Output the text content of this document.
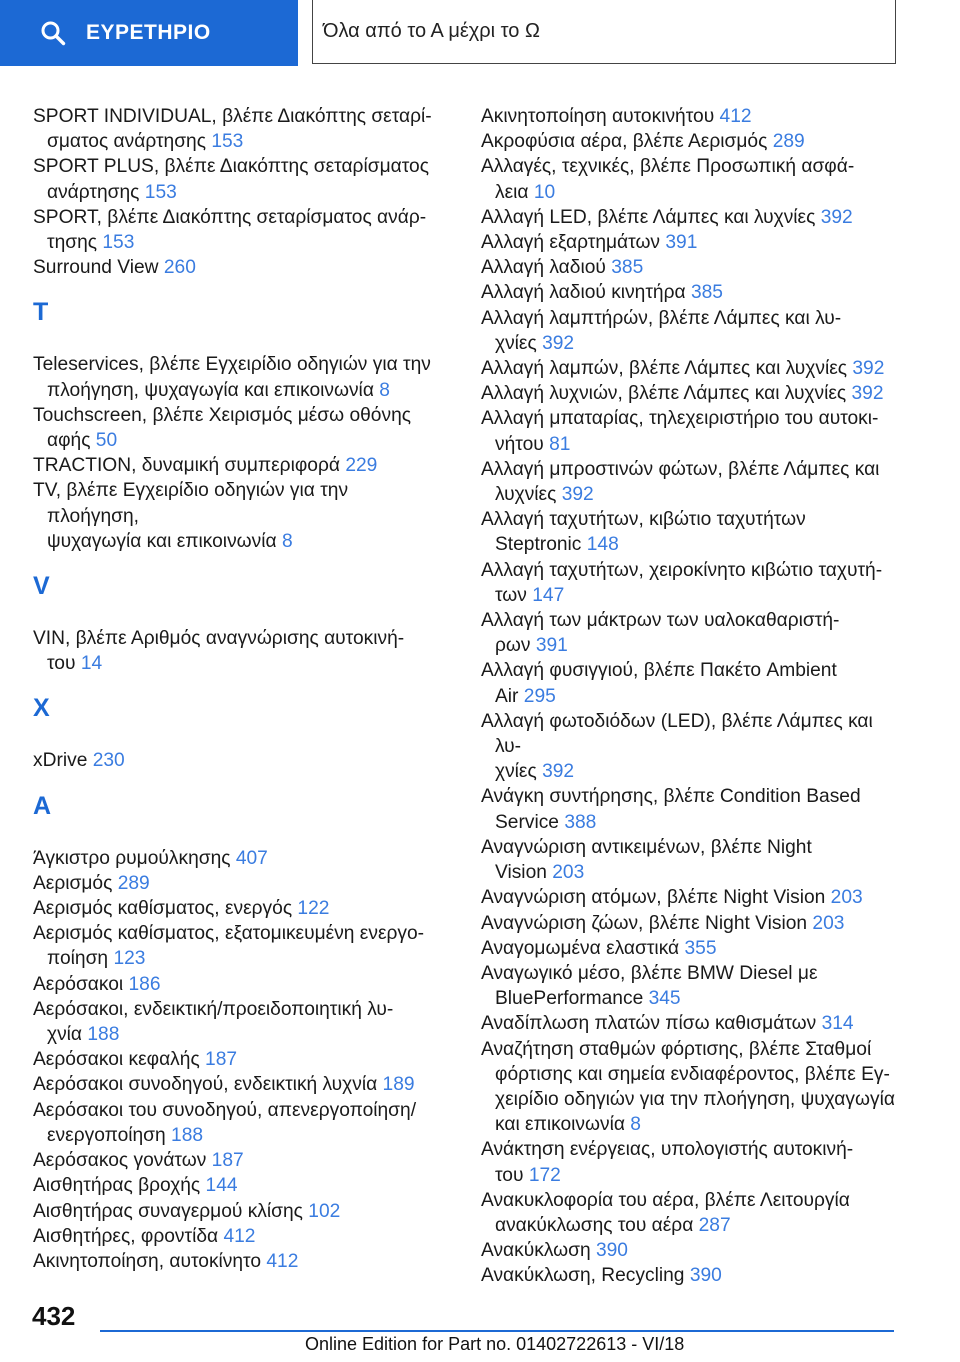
ΕΥΡΕΤΗΡΙΟ	Όλα από το Α μέχρι το Ω
SPORT INDIVIDUAL, βλέπε Διακόπτης σεταρί-
σματος ανάρτησης 153
SPORT PLUS, βλέπε Διακόπτης σεταρίσματος
ανάρτησης 153
SPORT, βλέπε Διακόπτης σεταρίσματος ανάρ-
τησης 153
Surround View 260
T
Teleservices, βλέπε Εγχειρίδιο οδηγιών για την
πλοήγηση, ψυχαγωγία και επικοινωνία 8
Touchscreen, βλέπε Χειρισμός μέσω οθόνης
αφής 50
TRACTION, δυναμική συμπεριφορά 229
TV, βλέπε Εγχειρίδιο οδηγιών για την πλοήγηση,
ψυχαγωγία και επικοινωνία 8
V
VIN, βλέπε Αριθμός αναγνώρισης αυτοκινή-
του 14
X
xDrive 230
A
Άγκιστρο ρυμούλκησης 407
Αερισμός 289
Αερισμός καθίσματος, ενεργός 122
Αερισμός καθίσματος, εξατομικευμένη ενεργο-
ποίηση 123
Αερόσακοι 186
Αερόσακοι, ενδεικτική/προειδοποιητική λυ-
χνία 188
Αερόσακοι κεφαλής 187
Αερόσακοι συνοδηγού, ενδεικτική λυχνία 189
Αερόσακοι του συνοδηγού, απενεργοποίηση/
ενεργοποίηση 188
Αερόσακος γονάτων 187
Αισθητήρας βροχής 144
Αισθητήρας συναγερμού κλίσης 102
Αισθητήρες, φροντίδα 412
Ακινητοποίηση, αυτοκίνητο 412
Ακινητοποίηση αυτοκινήτου 412
Ακροφύσια αέρα, βλέπε Αερισμός 289
Αλλαγές, τεχνικές, βλέπε Προσωπική ασφά-
λεια 10
Αλλαγή LED, βλέπε Λάμπες και λυχνίες 392
Αλλαγή εξαρτημάτων 391
Αλλαγή λαδιού 385
Αλλαγή λαδιού κινητήρα 385
Αλλαγή λαμπτήρών, βλέπε Λάμπες και λυ-
χνίες 392
Αλλαγή λαμπών, βλέπε Λάμπες και λυχνίες 392
Αλλαγή λυχνιών, βλέπε Λάμπες και λυχνίες 392
Αλλαγή μπαταρίας, τηλεχειριστήριο του αυτοκι-
νήτου 81
Αλλαγή μπροστινών φώτων, βλέπε Λάμπες και
λυχνίες 392
Αλλαγή ταχυτήτων, κιβώτιο ταχυτήτων
Steptronic 148
Αλλαγή ταχυτήτων, χειροκίνητο κιβώτιο ταχυτή-
των 147
Αλλαγή των μάκτρων των υαλοκαθαριστή-
ρων 391
Αλλαγή φυσιγγιού, βλέπε Πακέτο Ambient
Air 295
Αλλαγή φωτοδιόδων (LED), βλέπε Λάμπες και λυ-
χνίες 392
Ανάγκη συντήρησης, βλέπε Condition Based
Service 388
Αναγνώριση αντικειμένων, βλέπε Night
Vision 203
Αναγνώριση ατόμων, βλέπε Night Vision 203
Αναγνώριση ζώων, βλέπε Night Vision 203
Αναγομωμένα ελαστικά 355
Αναγωγικό μέσο, βλέπε BMW Diesel με
BluePerformance 345
Αναδίπλωση πλατών πίσω καθισμάτων 314
Αναζήτηση σταθμών φόρτισης, βλέπε Σταθμοί
φόρτισης και σημεία ενδιαφέροντος, βλέπε Εγ-
χειρίδιο οδηγιών για την πλοήγηση, ψυχαγωγία
και επικοινωνία 8
Ανάκτηση ενέργειας, υπολογιστής αυτοκινή-
του 172
Ανακυκλοφορία του αέρα, βλέπε Λειτουργία
ανακύκλωσης του αέρα 287
Ανακύκλωση 390
Ανακύκλωση, Recycling 390
432
Online Edition for Part no. 01402722613 - VI/18
